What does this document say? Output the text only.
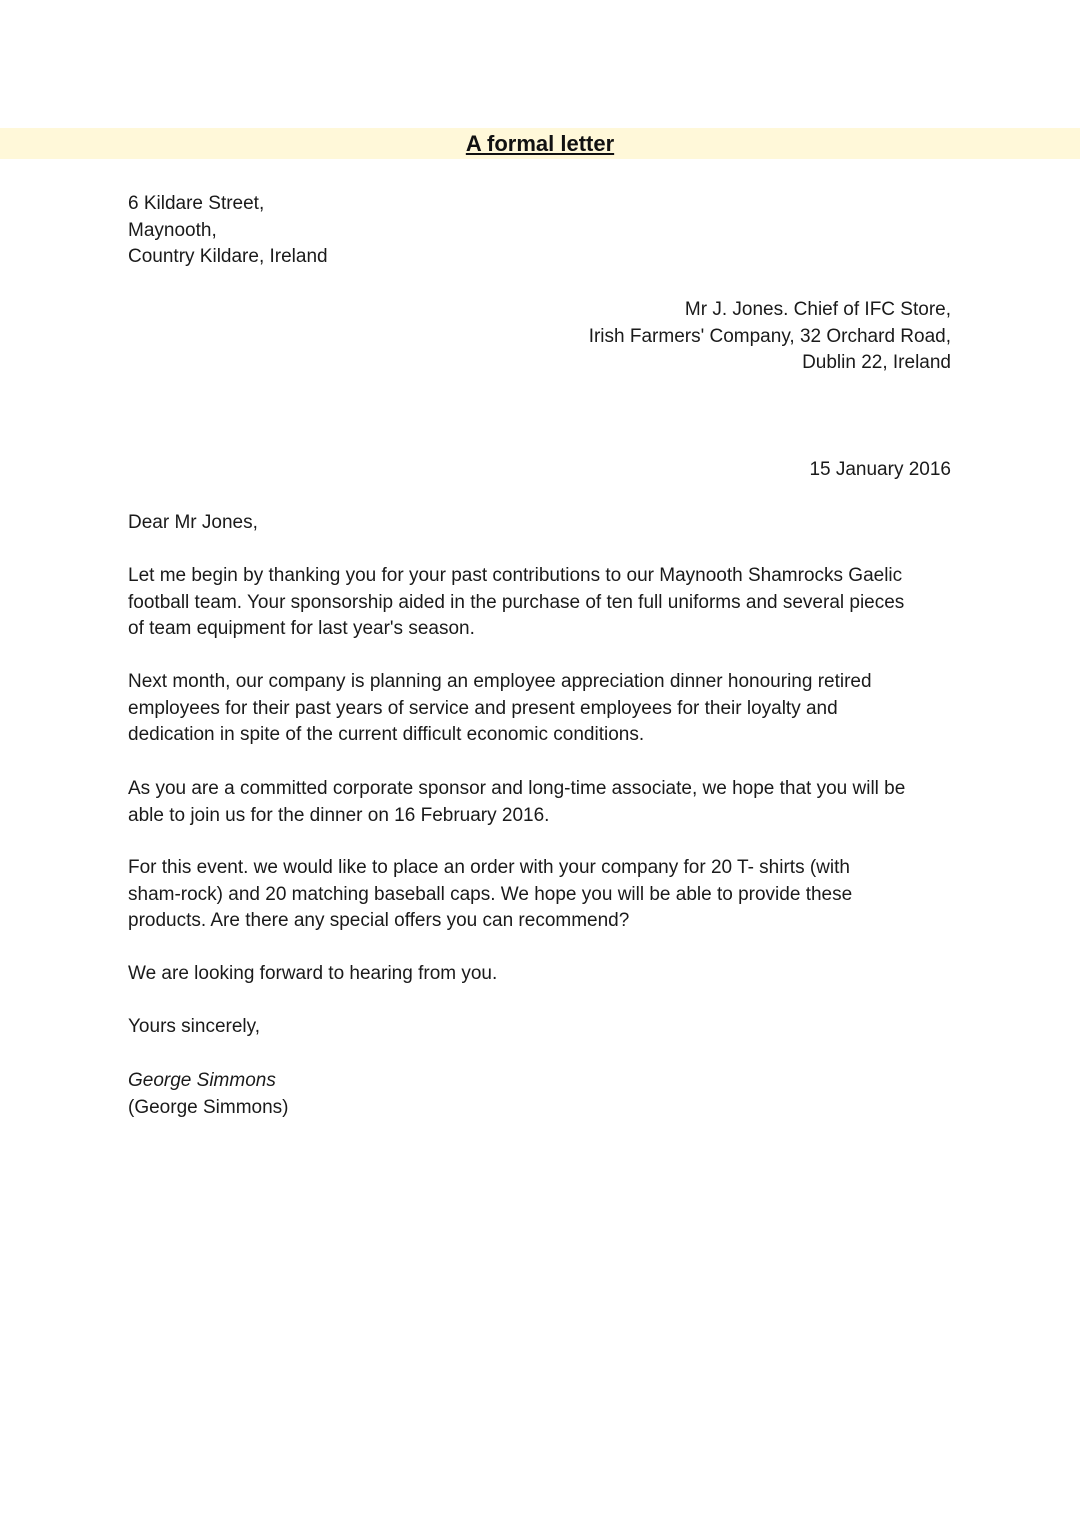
A formal letter
6 Kildare Street,
Maynooth,
Country Kildare, Ireland
Mr J. Jones. Chief of IFC Store,
Irish Farmers' Company, 32 Orchard Road,
Dublin 22, Ireland
15 January 2016
Dear Mr Jones,
Let me begin by thanking you for your past contributions to our Maynooth Shamrocks Gaelic
football team. Your sponsorship aided in the purchase of ten full uniforms and several pieces
of team equipment for last year's season.
Next month, our company is planning an employee appreciation dinner honouring retired
employees for their past years of service and present employees for their loyalty and
dedication in spite of the current difficult economic conditions.
As you are a committed corporate sponsor and long-time associate, we hope that you will be
able to join us for the dinner on 16 February 2016.
For this event. we would like to place an order with your company for 20 T- shirts (with
sham-rock) and 20 matching baseball caps. We hope you will be able to provide these
products. Are there any special offers you can recommend?
We are looking forward to hearing from you.
Yours sincerely,
George Simmons
(George Simmons)
